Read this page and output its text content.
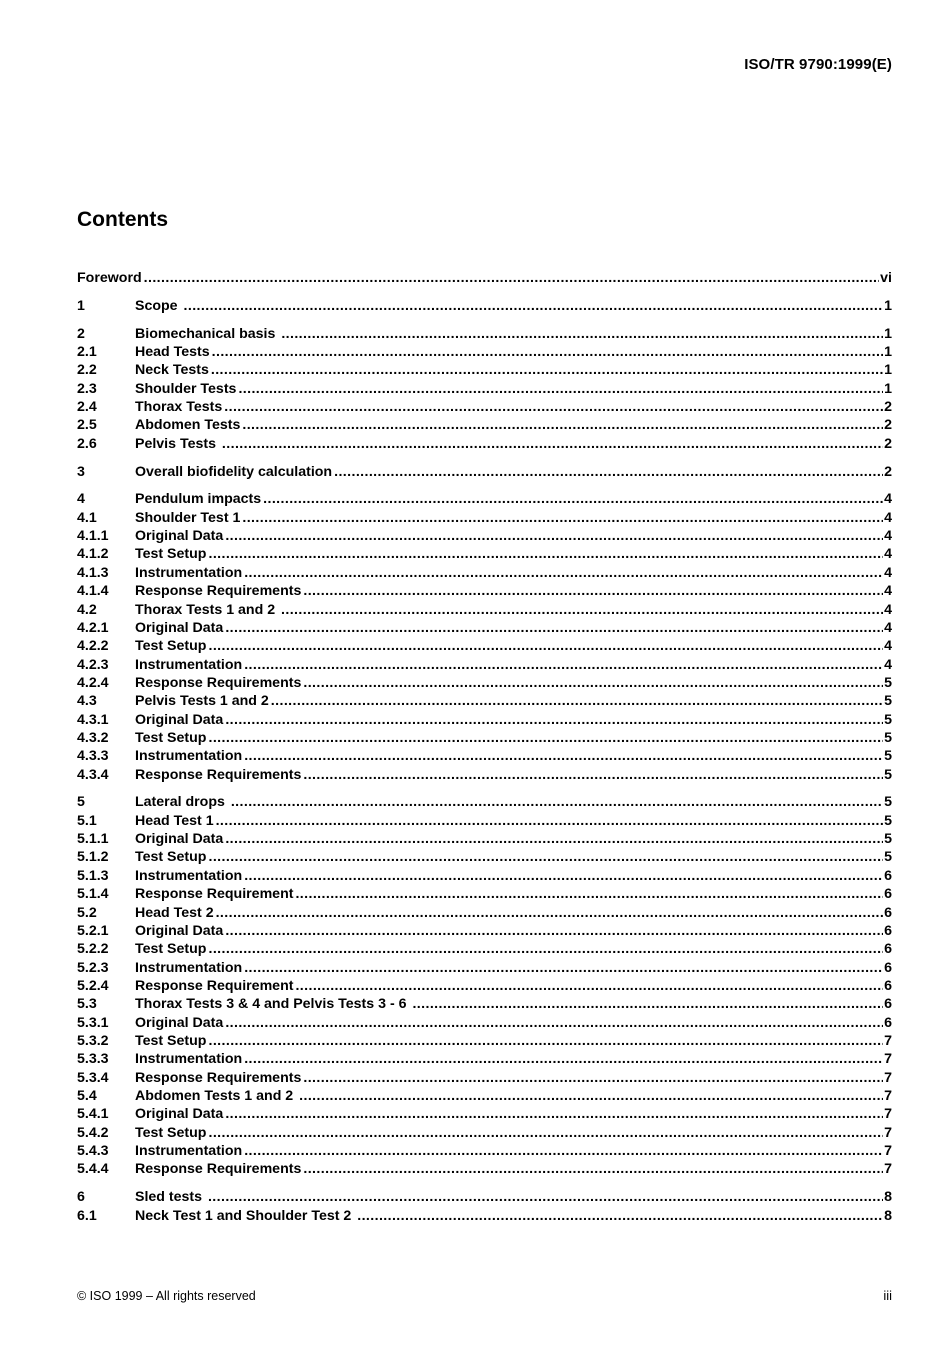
ISO/TR 9790:1999(E)
Contents
Foreword .....	vi
1	Scope .....	1
2	Biomechanical basis .....	1
2.1	Head Tests .....	1
2.2	Neck Tests .....	1
2.3	Shoulder Tests .....	1
2.4	Thorax Tests .....	2
2.5	Abdomen Tests .....	2
2.6	Pelvis Tests .....	2
3	Overall biofidelity calculation .....	2
4	Pendulum impacts .....	4
4.1	Shoulder Test 1 .....	4
4.1.1	Original Data .....	4
4.1.2	Test Setup .....	4
4.1.3	Instrumentation .....	4
4.1.4	Response Requirements .....	4
4.2	Thorax Tests 1 and 2 .....	4
4.2.1	Original Data .....	4
4.2.2	Test Setup .....	4
4.2.3	Instrumentation .....	4
4.2.4	Response Requirements .....	5
4.3	Pelvis Tests 1 and 2 .....	5
4.3.1	Original Data .....	5
4.3.2	Test Setup .....	5
4.3.3	Instrumentation .....	5
4.3.4	Response Requirements .....	5
5	Lateral drops .....	5
5.1	Head Test 1 .....	5
5.1.1	Original Data .....	5
5.1.2	Test Setup .....	5
5.1.3	Instrumentation .....	6
5.1.4	Response Requirement .....	6
5.2	Head Test 2 .....	6
5.2.1	Original Data .....	6
5.2.2	Test Setup .....	6
5.2.3	Instrumentation .....	6
5.2.4	Response Requirement .....	6
5.3	Thorax Tests 3 & 4 and Pelvis Tests 3 - 6 .....	6
5.3.1	Original Data .....	6
5.3.2	Test Setup .....	7
5.3.3	Instrumentation .....	7
5.3.4	Response Requirements .....	7
5.4	Abdomen Tests 1 and 2 .....	7
5.4.1	Original Data .....	7
5.4.2	Test Setup .....	7
5.4.3	Instrumentation .....	7
5.4.4	Response Requirements .....	7
6	Sled tests .....	8
6.1	Neck Test 1 and Shoulder Test 2 .....	8
© ISO 1999 – All rights reserved	iii
